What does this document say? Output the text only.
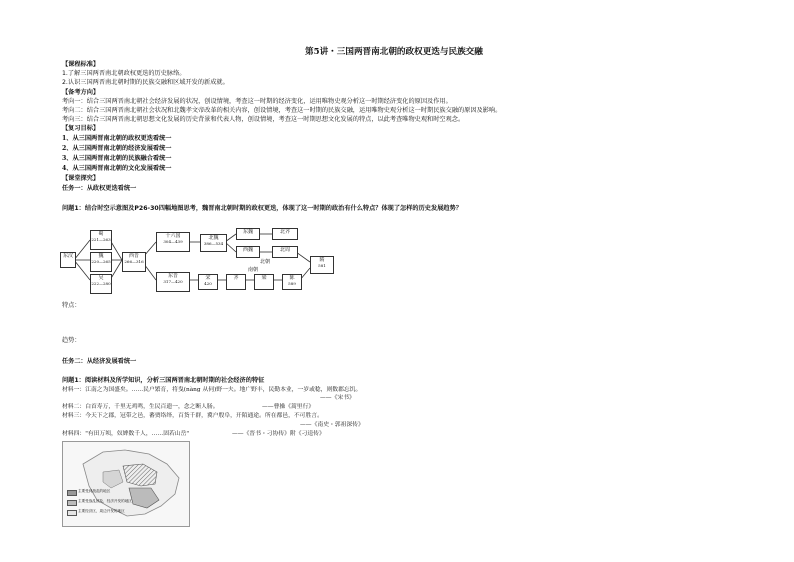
第5讲・三国两晋南北朝的政权更迭与民族交融
【课程标准】
1.了解三国两晋南北朝政权更迭的历史脉络。
2.认识三国两晋南北朝时期的民族交融和区域开发的新成就。
【备考方向】
考向一：结合三国两晋南北朝社会经济发展的状况，创设情境，考查这一时期的经济变化，运用唯物史观分析这一时期经济变化的原因及作用。
考向二：结合三国两晋南北朝社会状况和北魏孝文帝改革的相关内容，创设情境，考查这一时期的民族交融，运用唯物史观分析这一时期民族交融的原因及影响。
考向三：结合三国两晋南北朝思想文化发展的历史背景和代表人物，创设情境，考查这一时期思想文化发展的特点，以此考查唯物史观和时空观念。
【复习目标】
1、从三国两晋南北朝的政权更迭看统一
2、从三国两晋南北朝的经济发展看统一
3、从三国两晋南北朝的民族融合看统一
4、从三国两晋南北朝的文化发展看统一
【课堂探究】
任务一：从政权更迭看统一
问题1：结合时空示意图及P26-30四幅地图思考，魏晋南北朝时期的政权更迭，体现了这一时期的政治有什么特点？体现了怎样的历史发展趋势？
东汉
蜀
221—263
魏
220—265
吴
222—280
西晋
266—316
十六国
304—439
东晋
317—420
北魏
386—534
东魏	北齐
西魏	北周
北朝
南朝
宋
420
齐	梁	陈
589
隋
581
特点：
趋势：
任务二：从经济发展看统一
问题1：阅读材料及所学知识，分析三国两晋南北朝时期的社会经济的特征
材料一：江南之为国盛矣。……民户繁育，将曳(nàng 从伺)野一夫。地广野丰，民勤本业，一岁或稔，则数郡忘饥。
——《宋书》
材料二：白首寿万，千里无鸡鸣，生民百遗一，念之断人肠。	——曹操《蒿里行》
材料三：今天下之郡，冠带之邑，蕃贾络绎，百货千群，冀户殷阜，开陌通途。所在都邑，不可胜言。
——《南史・郭祖深传》
材料四："有田万顷，奴婢数千人，……固若山岳"	——《晋书・刁协传》附《刁逵传》
主要受到战乱的地区
主要受战乱波及，经济开发的地区
主要经济区，周边开发的地区
